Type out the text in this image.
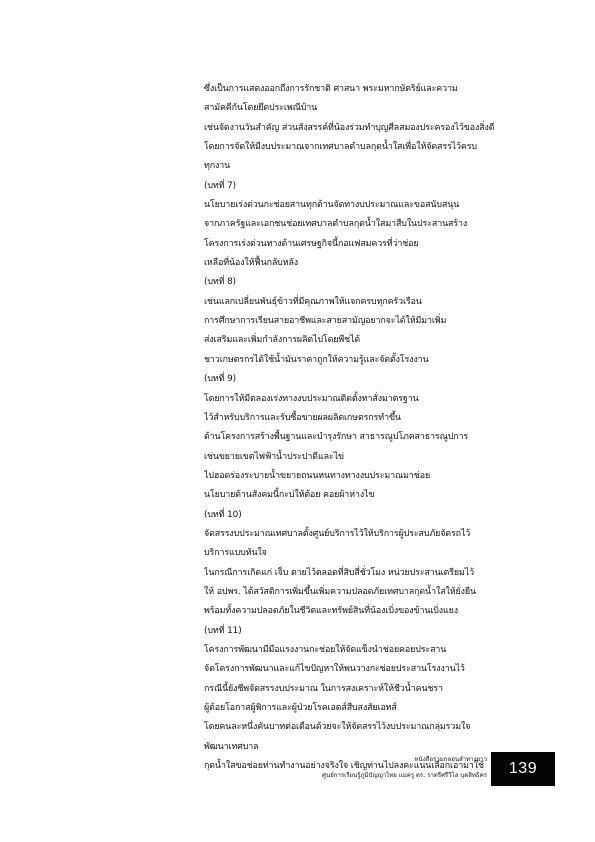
ซึ่งเป็นการแสดงออกถึงการรักชาติ ศาสนา พระมหากษัตริย์และความ
สามัคคีกันโดยยึดประเพณีบ้าน
เช่นจัดงานวันสำคัญ ส่วนสังสรรค์ที่น้องร่วมทำบุญศีลสมองประครองไว้ของสิ่งดี
โดยการจัดให้มีงบประมาณจากเทศบาลตำบลกุดน้ำใสเพื่อให้จัดสรรไว้ครบ
ทุกงาน
(บทที่ 7)
นโยบายเร่งด่วนกะช่อยสานทุกด้านจัดทางบประมาณและขอสนับสนุน
จากภาครัฐและเอกชนช่อยเทศบาลตำบลกุดน้ำใสมาสืบในประสานสร้าง
โครงการเร่งด่วนทางด้านเศรษฐกิจนี้กอแฟสมควรที่ว่าช่อย
เหลือที่น้องให้ฟื้นกลับหลัง
(บทที่ 8)
เช่นแลกเปลี่ยนพันธุ์ข้าวที่มีคุณภาพให้แจกครบทุกครัวเรือน
การศึกษาการเรียนสายอาชีพและสายสามัญอยากจะได้ให้มีมาเพิ่ม
ส่งเสริมและเพิ่มกำลังการผลิตไปโดยพืชได้
ชาวเกษตรกรได้ใช้น้ำมันราคาถูกให้ความรู้และจัดตั้งโรงงาน
(บทที่ 9)
โดยการให้มีตลองเร่งทางงบประมาณติดตั้งทาสั่งมาตรฐาน
ไว้สำหรับบริการและรับซื้อขายผลผลิตเกษตรกรทำขึ้น
ด้านโครงการสร้างพื้นฐานและบำรุงรักษา สาธารณูปโภคสาธารณูปการ
เช่นขยายเขตไฟฟ้าน้ำประปาดีและไข่
ไปฮอดร่องระบายน้ำขยายถนนหนทางทางงบประมาณมาช่อย
นโยบายด้านสังคมนี้กะบ่ให้ต้อย คอยผ้าห่างไข
(บทที่ 10)
จัดสรรงบประมาณเทศบาลตั้งศูนย์บริการไว้ให้บริการผู้ประสบภัยจัดรถไว้
บริการแบบทันใจ
ไนกรณีการเกิดแก่ เจ็บ ตายไว้ตลอดที่สิบสี่ชั่วโมง หน่วยประสานเตรียมไว้
ให้ อปพร. ได้สวัสดิการเพิ่มขึ้นเพิ่มความปลอดภัยเทศบาลกุดน้ำใสให้ยั่งยืน
พร้อมทั้งความปลอดภัยในชีวิตและทรัพย์สินที่น้องเบิ่งของข้านเบิ่งแยง
(บทที่ 11)
โครงการพัฒนามีมือแรงงานกะช่อยให้จัดแข็งนำช่อยคอยประสาน
จัดโครงการพัฒนาและแก้ไขปัญหาให้พนวางกะช่อยประสานโรงงานไว้
กรณีนี้ยังชีพจัดสรรงบประมาณ ในการสงเคราะห์ให้ชีวน้ำคนชรา
ผู้ด้อยโอกาสผู้พิการและผู้ป่วยโรคเอดส์สืบสงสัยเอทส์
โดยคนละหนึ่งคันบาทต่อเดือนด้วยจะให้จัดสรรไว้งบประมาณกลุ่มรวมใจ
พัฒนาเทศบาล
กุดน้ำใสขอช่อยท่านทำงานอย่างจริงใจ เชิญท่านไปลงคะแนนเลือกเอามาใช้
หนังสือรวมกลอนลำทางยาว
ศูนย์การเรียนรู้ภูมิปัญญาไทย แม่ครู ดร. ราตรีศรีวิไล บุตสิทธิคร 139
